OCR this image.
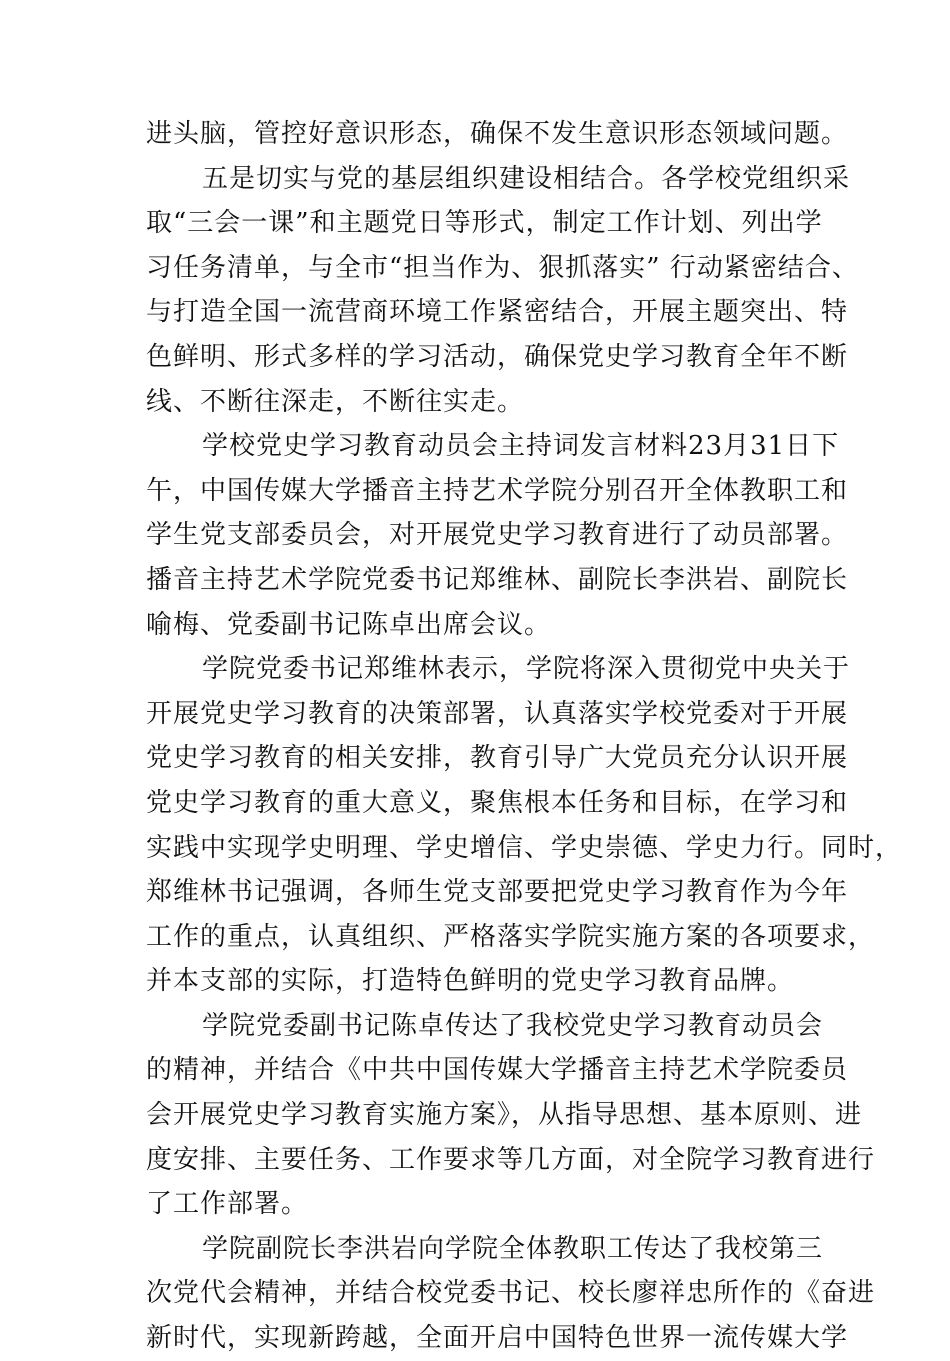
进头脑，管控好意识形态，确保不发生意识形态领域问题。
五是切实与党的基层组织建设相结合。各学校党组织采
取“三会一课”和主题党日等形式，制定工作计划、列出学
习任务清单，与全市“担当作为、狠抓落实” 行动紧密结合、
与打造全国一流营商环境工作紧密结合，开展主题突出、特
色鲜明、形式多样的学习活动，确保党史学习教育全年不断
线、不断往深走，不断往实走。
学校党史学习教育动员会主持词发言材料23月31日下
午，中国传媒大学播音主持艺术学院分别召开全体教职工和
学生党支部委员会，对开展党史学习教育进行了动员部署。
播音主持艺术学院党委书记郑维林、副院长李洪岩、副院长
喻梅、党委副书记陈卓出席会议。
学院党委书记郑维林表示，学院将深入贯彻党中央关于
开展党史学习教育的决策部署，认真落实学校党委对于开展
党史学习教育的相关安排，教育引导广大党员充分认识开展
党史学习教育的重大意义，聚焦根本任务和目标，在学习和
实践中实现学史明理、学史增信、学史崇德、学史力行。同时，
郑维林书记强调，各师生党支部要把党史学习教育作为今年
工作的重点，认真组织、严格落实学院实施方案的各项要求，
并本支部的实际，打造特色鲜明的党史学习教育品牌。
学院党委副书记陈卓传达了我校党史学习教育动员会
的精神，并结合《中共中国传媒大学播音主持艺术学院委员
会开展党史学习教育实施方案》，从指导思想、基本原则、进
度安排、主要任务、工作要求等几方面，对全院学习教育进行
了工作部署。
学院副院长李洪岩向学院全体教职工传达了我校第三
次党代会精神，并结合校党委书记、校长廖祥忠所作的《奋进
新时代，实现新跨越，全面开启中国特色世界一流传媒大学
